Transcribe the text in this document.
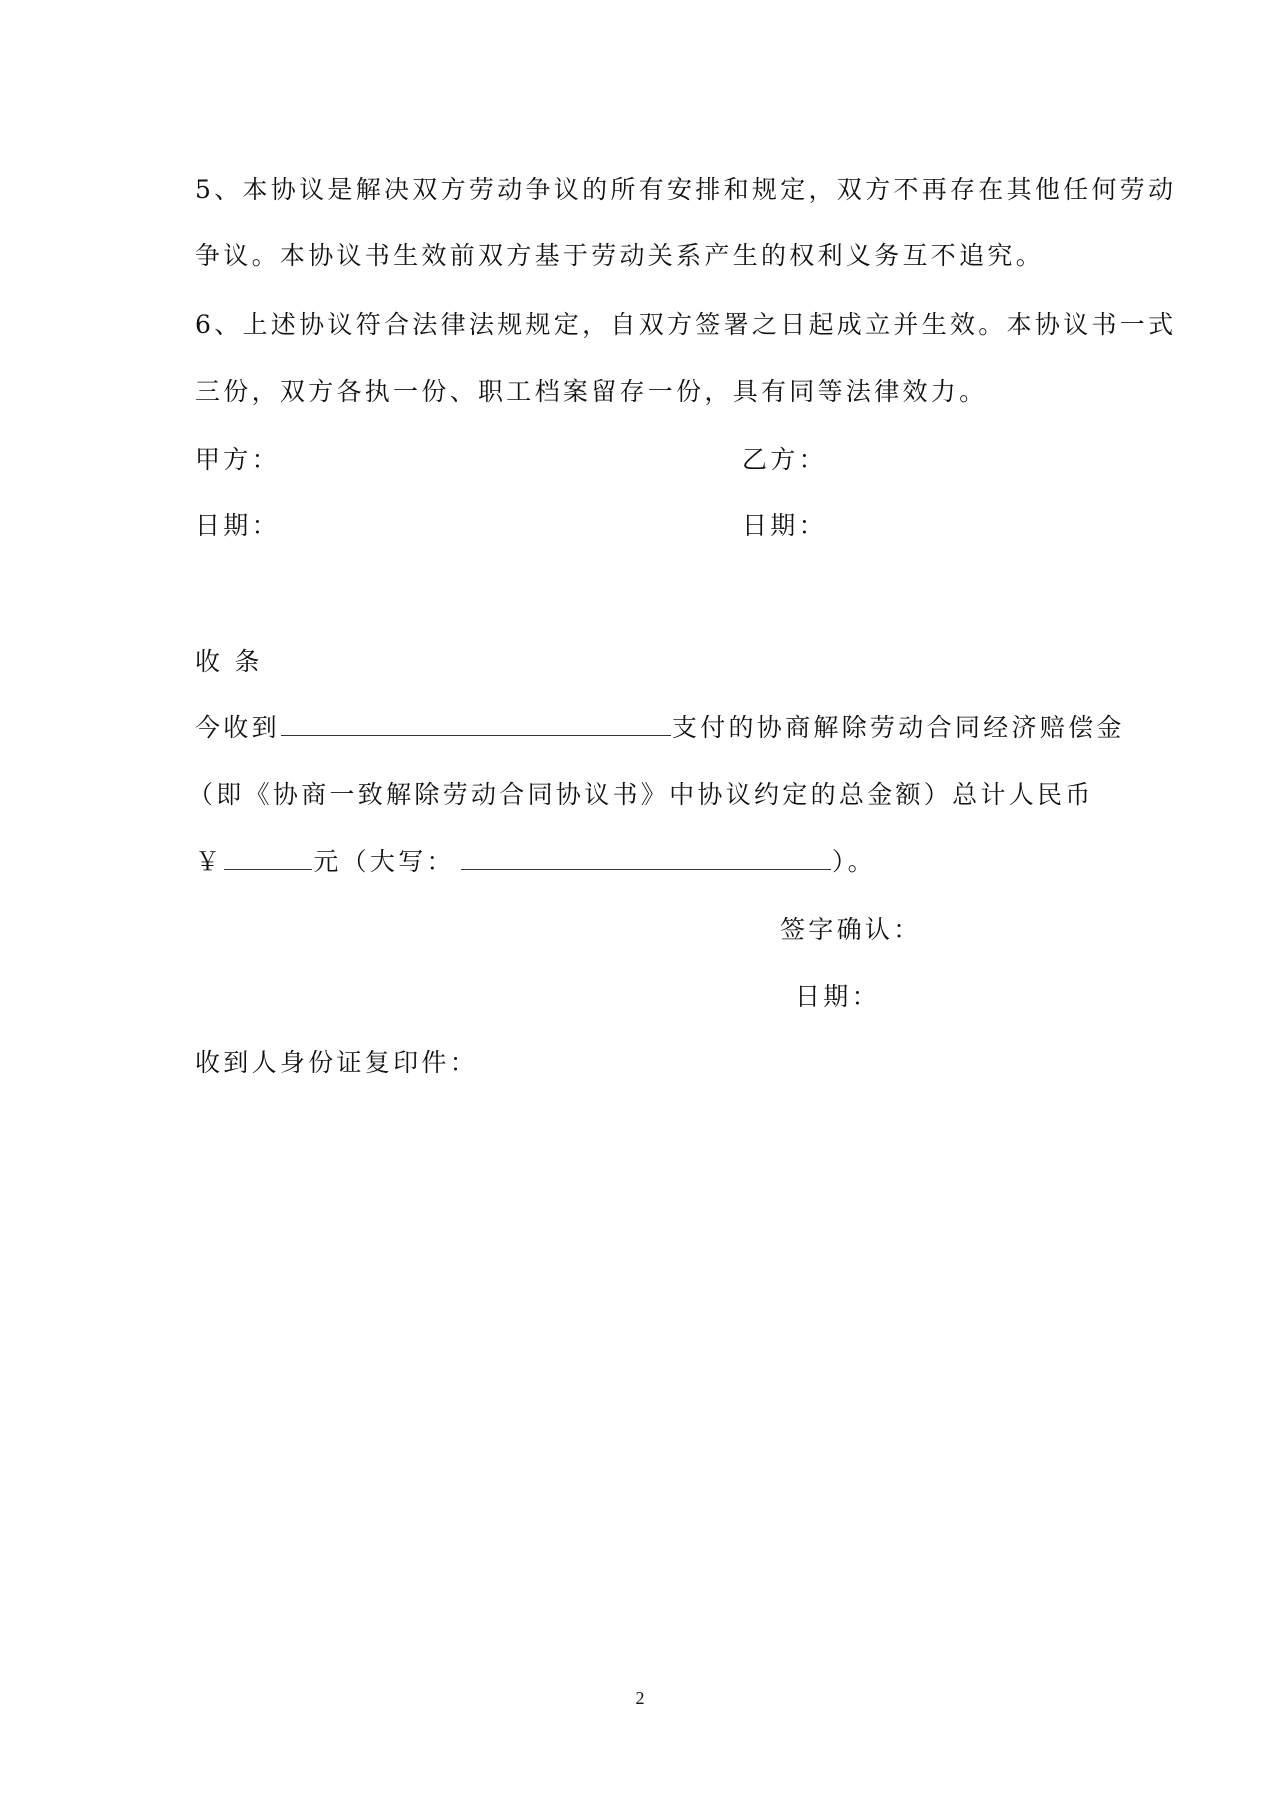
5、本协议是解决双方劳动争议的所有安排和规定，双方不再存在其他任何劳动
争议。本协议书生效前双方基于劳动关系产生的权利义务互不追究。
6、上述协议符合法律法规规定，自双方签署之日起成立并生效。本协议书一式
三份，双方各执一份、职工档案留存一份，具有同等法律效力。
甲方：	乙方：
日期：	日期：
收 条
今收到	支付的协商解除劳动合同经济赔偿金
（即《协商一致解除劳动合同协议书》中协议约定的总金额）总计人民币
￥	元（大写：	）。
签字确认：
日期：
收到人身份证复印件：
2
